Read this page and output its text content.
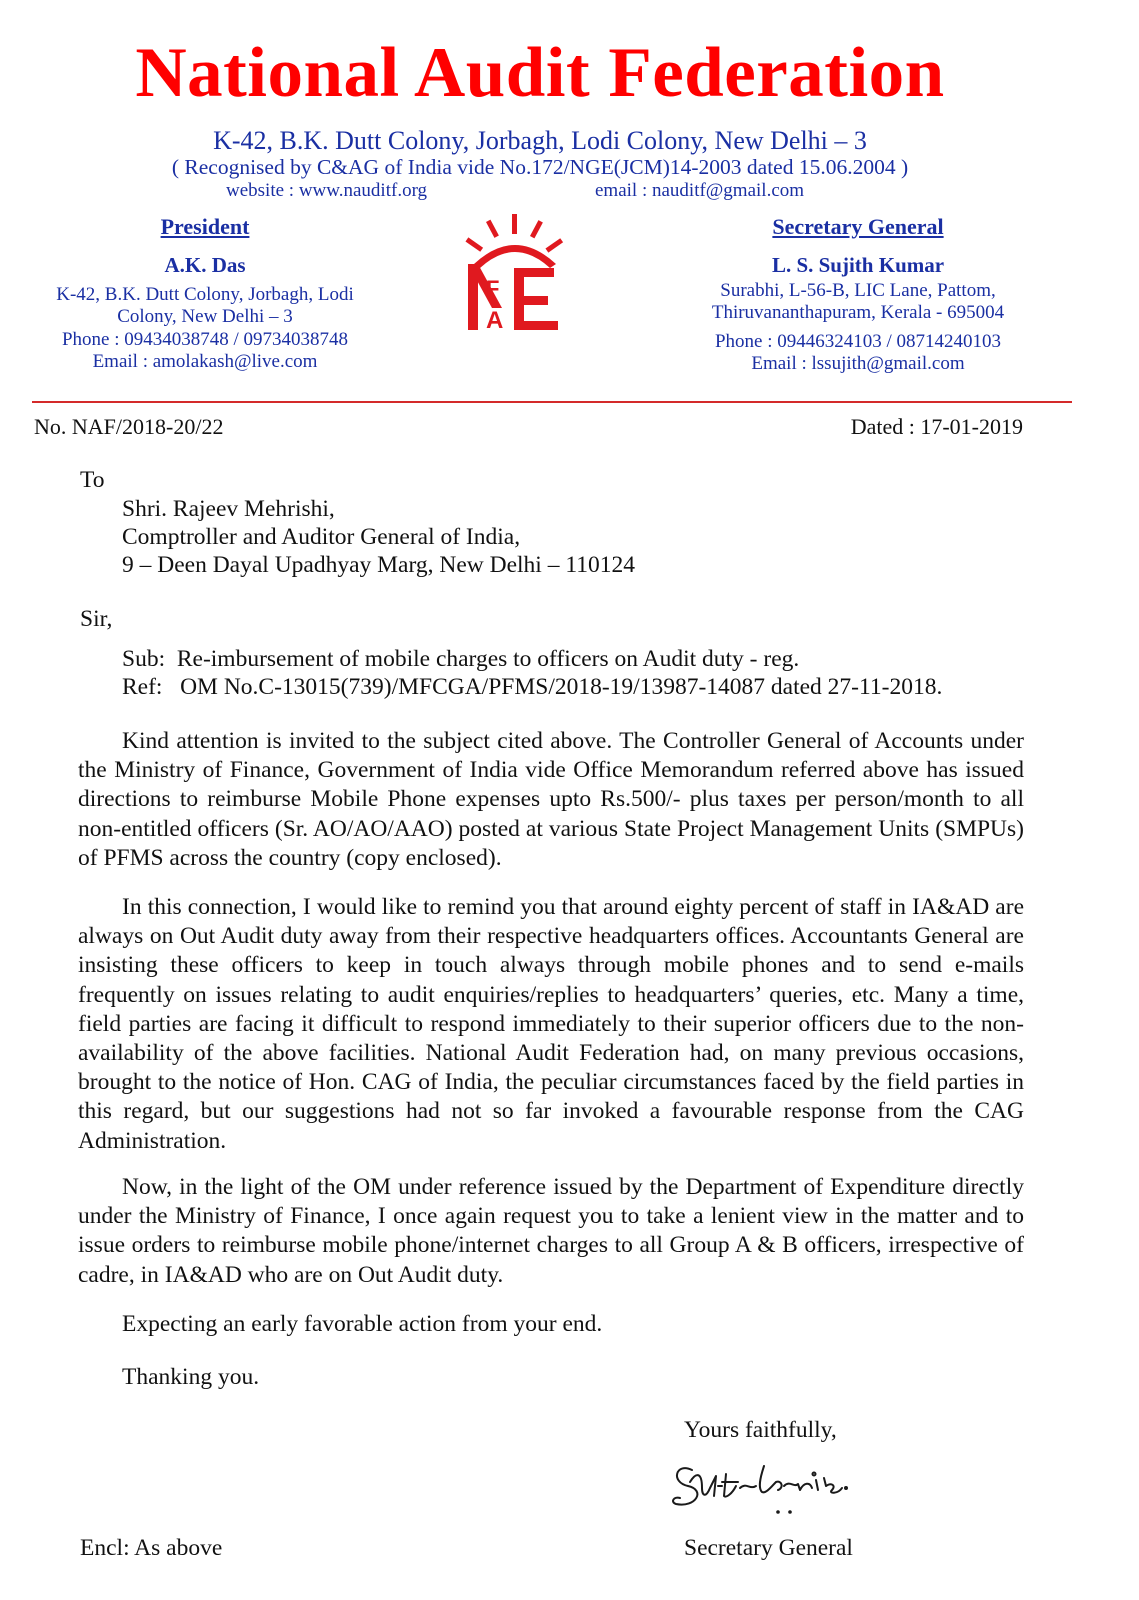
National Audit Federation
K-42, B.K. Dutt Colony, Jorbagh, Lodi Colony, New Delhi – 3
( Recognised by C&AG of India vide No.172/NGE(JCM)14-2003 dated 15.06.2004 )
website : www.nauditf.org	email : nauditf@gmail.com
President
A.K. Das
K-42, B.K. Dutt Colony, Jorbagh, Lodi
Colony, New Delhi – 3
Phone : 09434038748 / 09734038748
Email : amolakash@live.com
F
A
Secretary General
L. S. Sujith Kumar
Surabhi, L-56-B, LIC Lane, Pattom,
Thiruvananthapuram, Kerala - 695004
Phone : 09446324103 / 08714240103
Email : lssujith@gmail.com
No. NAF/2018-20/22	Dated : 17-01-2019
To
Shri. Rajeev Mehrishi,
Comptroller and Auditor General of India,
9 – Deen Dayal Upadhyay Marg, New Delhi – 110124
Sir,
Sub:  Re-imbursement of mobile charges to officers on Audit duty - reg.
Ref:   OM No.C-13015(739)/MFCGA/PFMS/2018-19/13987-14087 dated 27-11-2018.
Kind attention is invited to the subject cited above. The Controller General of Accounts under the Ministry of Finance, Government of India vide Office Memorandum referred above has issued directions to reimburse Mobile Phone expenses upto Rs.500/- plus taxes per person/month to all non-entitled officers (Sr. AO/AO/AAO) posted at various State Project Management Units (SMPUs) of PFMS across the country (copy enclosed).
In this connection, I would like to remind you that around eighty percent of staff in IA&AD are always on Out Audit duty away from their respective headquarters offices. Accountants General are insisting these officers to keep in touch always through mobile phones and to send e-mails frequently on issues relating to audit enquiries/replies to headquarters’ queries, etc. Many a time, field parties are facing it difficult to respond immediately to their superior officers due to the non-availability of the above facilities. National Audit Federation had, on many previous occasions, brought to the notice of Hon. CAG of India, the peculiar circumstances faced by the field parties in this regard, but our suggestions had not so far invoked a favourable response from the CAG Administration.
Now, in the light of the OM under reference issued by the Department of Expenditure directly under the Ministry of Finance, I once again request you to take a lenient view in the matter and to issue orders to reimburse mobile phone/internet charges to all Group A & B officers, irrespective of cadre, in IA&AD who are on Out Audit duty.
Expecting an early favorable action from your end.
Thanking you.
Yours faithfully,
Encl: As above	Secretary General
